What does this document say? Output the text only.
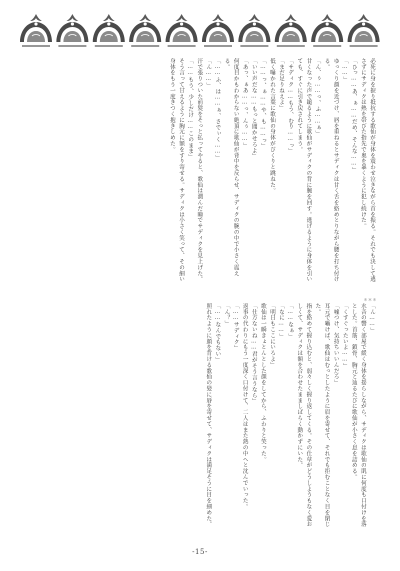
必死に身を捩り抵抗する歌仙が身体を震わせ泣きながら首を振る。それでも決して逃さずにサディクは熱を帯びた指先で奥を暴くように犯し続けた。
「ひっ……あ、ぁ……だめ、そんな……」
「……」
ゆっくり顔を近づけ、唇を重ねるとサディクは甘く舌を絡めとりながら腰を打ち付ける。
「ん、ぅ……っ、ふ……ぁ」
甘くなった声で縋るように歌仙がサディクの背に腕を回す。逃げるように身体を引いても、すぐに引き戻されてしまう。
「サディク……もう、むり……っ」
「まだ足りねえよ」
低く囁かれた言葉に歌仙の身体がびくりと跳ねた。
「……っ、ぁ……や、も……っ」
「いい声だな……もっと聞かせろよ」
「あっ、ぁあ……っ、んぅ……」
何度目かもわからない絶頂に歌仙が背中を反らせ、サディクの腕の中で小さく震える。
「……ふ、は……ぁ、さでぃく……」
「ん……」
汗で張りついた前髪をそっと払ってやると、歌仙は潤んだ瞳でサディクを見上げた。
「……もう、少しだけ……このまま」
そう言って甘えるように胸元に額をすり寄せる。サディクは小さく笑って、その細い身体をもう一度きつく抱きしめた。
＊＊＊
「ん……」
水音の響く部屋で緩く身体を揺らしながら、サディクは歌仙の肌に何度も口付けを落とした。首筋、鎖骨、胸元と辿るたびに歌仙が小さく息を詰める。
「くすぐったいよ……」
「嘘つけ、気持ちいいんだろ」
耳元で囁けば、歌仙はむっとしたように眉を寄せて、それでも拒むことなく目を閉じた。
指を絡めて握り込むと、弱々しく握り返してくる。その仕草がどうしようもなく愛おしくて、サディクは額を合わせたまましばらく動かずにいた。
「……なぁ」
「なに……」
「明日もここにいろよ」
歌仙は一瞬きょとんとした顔をしてから、ふわりと笑った。
「仕方ないね……君がそう言うなら」
返事の代わりにもう一度深く口付けて、二人はまた熱の中へと沈んでいった。
「……サディク」
「ん？」
「……なんでもない」
照れたように顔を背ける歌仙の髪に唇を寄せて、サディクは満足そうに目を細めた。
-15-
